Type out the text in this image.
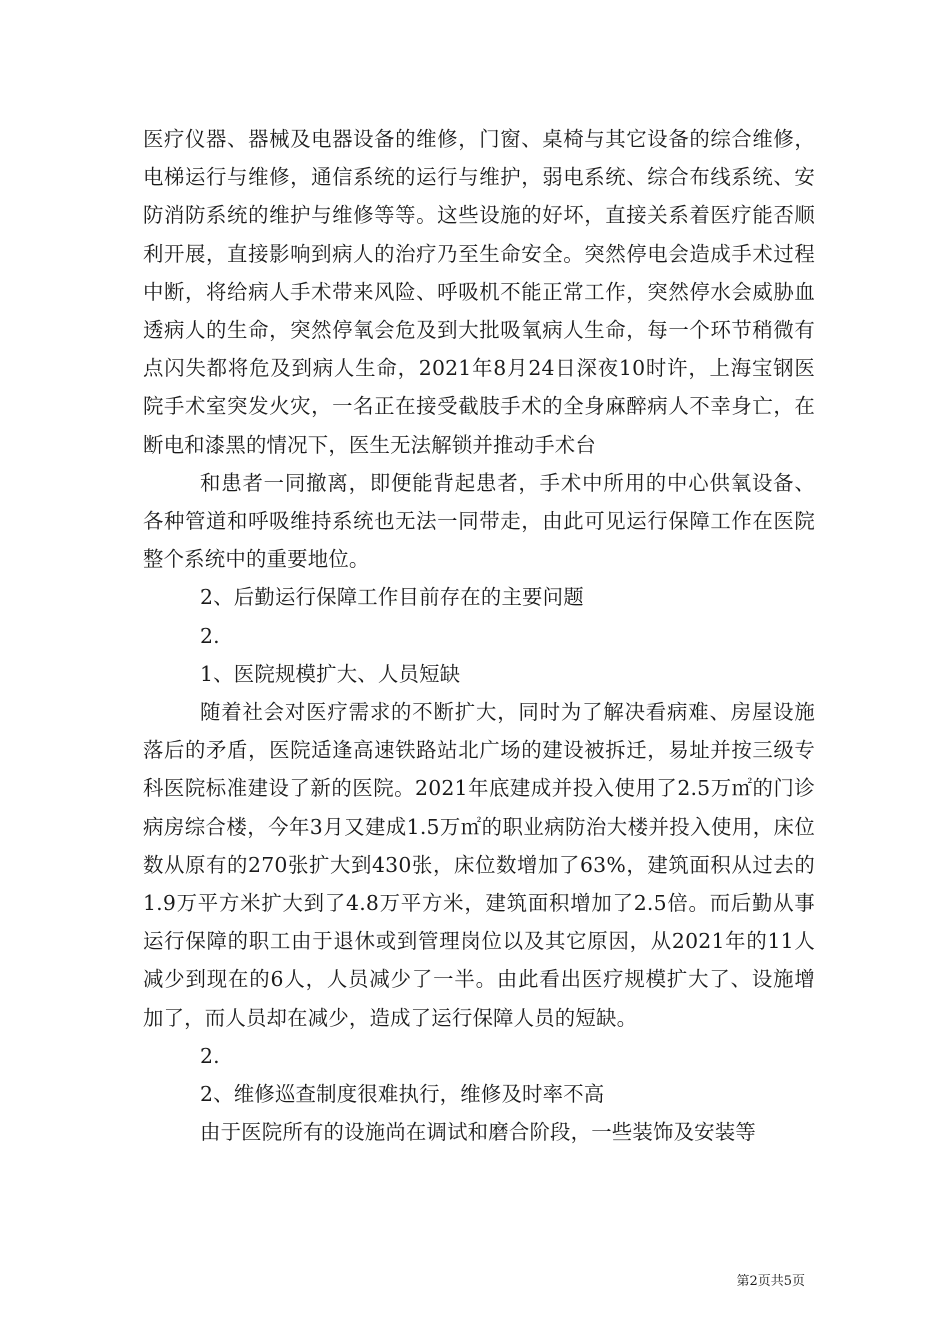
医疗仪器、器械及电器设备的维修，门窗、桌椅与其它设备的综合维修，电梯运行与维修，通信系统的运行与维护，弱电系统、综合布线系统、安防消防系统的维护与维修等等。这些设施的好坏，直接关系着医疗能否顺利开展，直接影响到病人的治疗乃至生命安全。突然停电会造成手术过程中断，将给病人手术带来风险、呼吸机不能正常工作，突然停水会威胁血透病人的生命，突然停氧会危及到大批吸氧病人生命，每一个环节稍微有点闪失都将危及到病人生命，2021年8月24日深夜10时许，上海宝钢医院手术室突发火灾，一名正在接受截肢手术的全身麻醉病人不幸身亡，在断电和漆黑的情况下，医生无法解锁并推动手术台

和患者一同撤离，即便能背起患者，手术中所用的中心供氧设备、各种管道和呼吸维持系统也无法一同带走，由此可见运行保障工作在医院整个系统中的重要地位。

2、后勤运行保障工作目前存在的主要问题

2.

1、医院规模扩大、人员短缺

随着社会对医疗需求的不断扩大，同时为了解决看病难、房屋设施落后的矛盾，医院适逢高速铁路站北广场的建设被拆迁，易址并按三级专科医院标准建设了新的医院。2021年底建成并投入使用了2.5万㎡的门诊病房综合楼，今年3月又建成1.5万㎡的职业病防治大楼并投入使用，床位数从原有的270张扩大到430张，床位数增加了63%，建筑面积从过去的1.9万平方米扩大到了4.8万平方米，建筑面积增加了2.5倍。而后勤从事运行保障的职工由于退休或到管理岗位以及其它原因，从2021年的11人减少到现在的6人，人员减少了一半。由此看出医疗规模扩大了、设施增加了，而人员却在减少，造成了运行保障人员的短缺。

2.

2、维修巡查制度很难执行，维修及时率不高

由于医院所有的设施尚在调试和磨合阶段，一些装饰及安装等

第2页共5页
